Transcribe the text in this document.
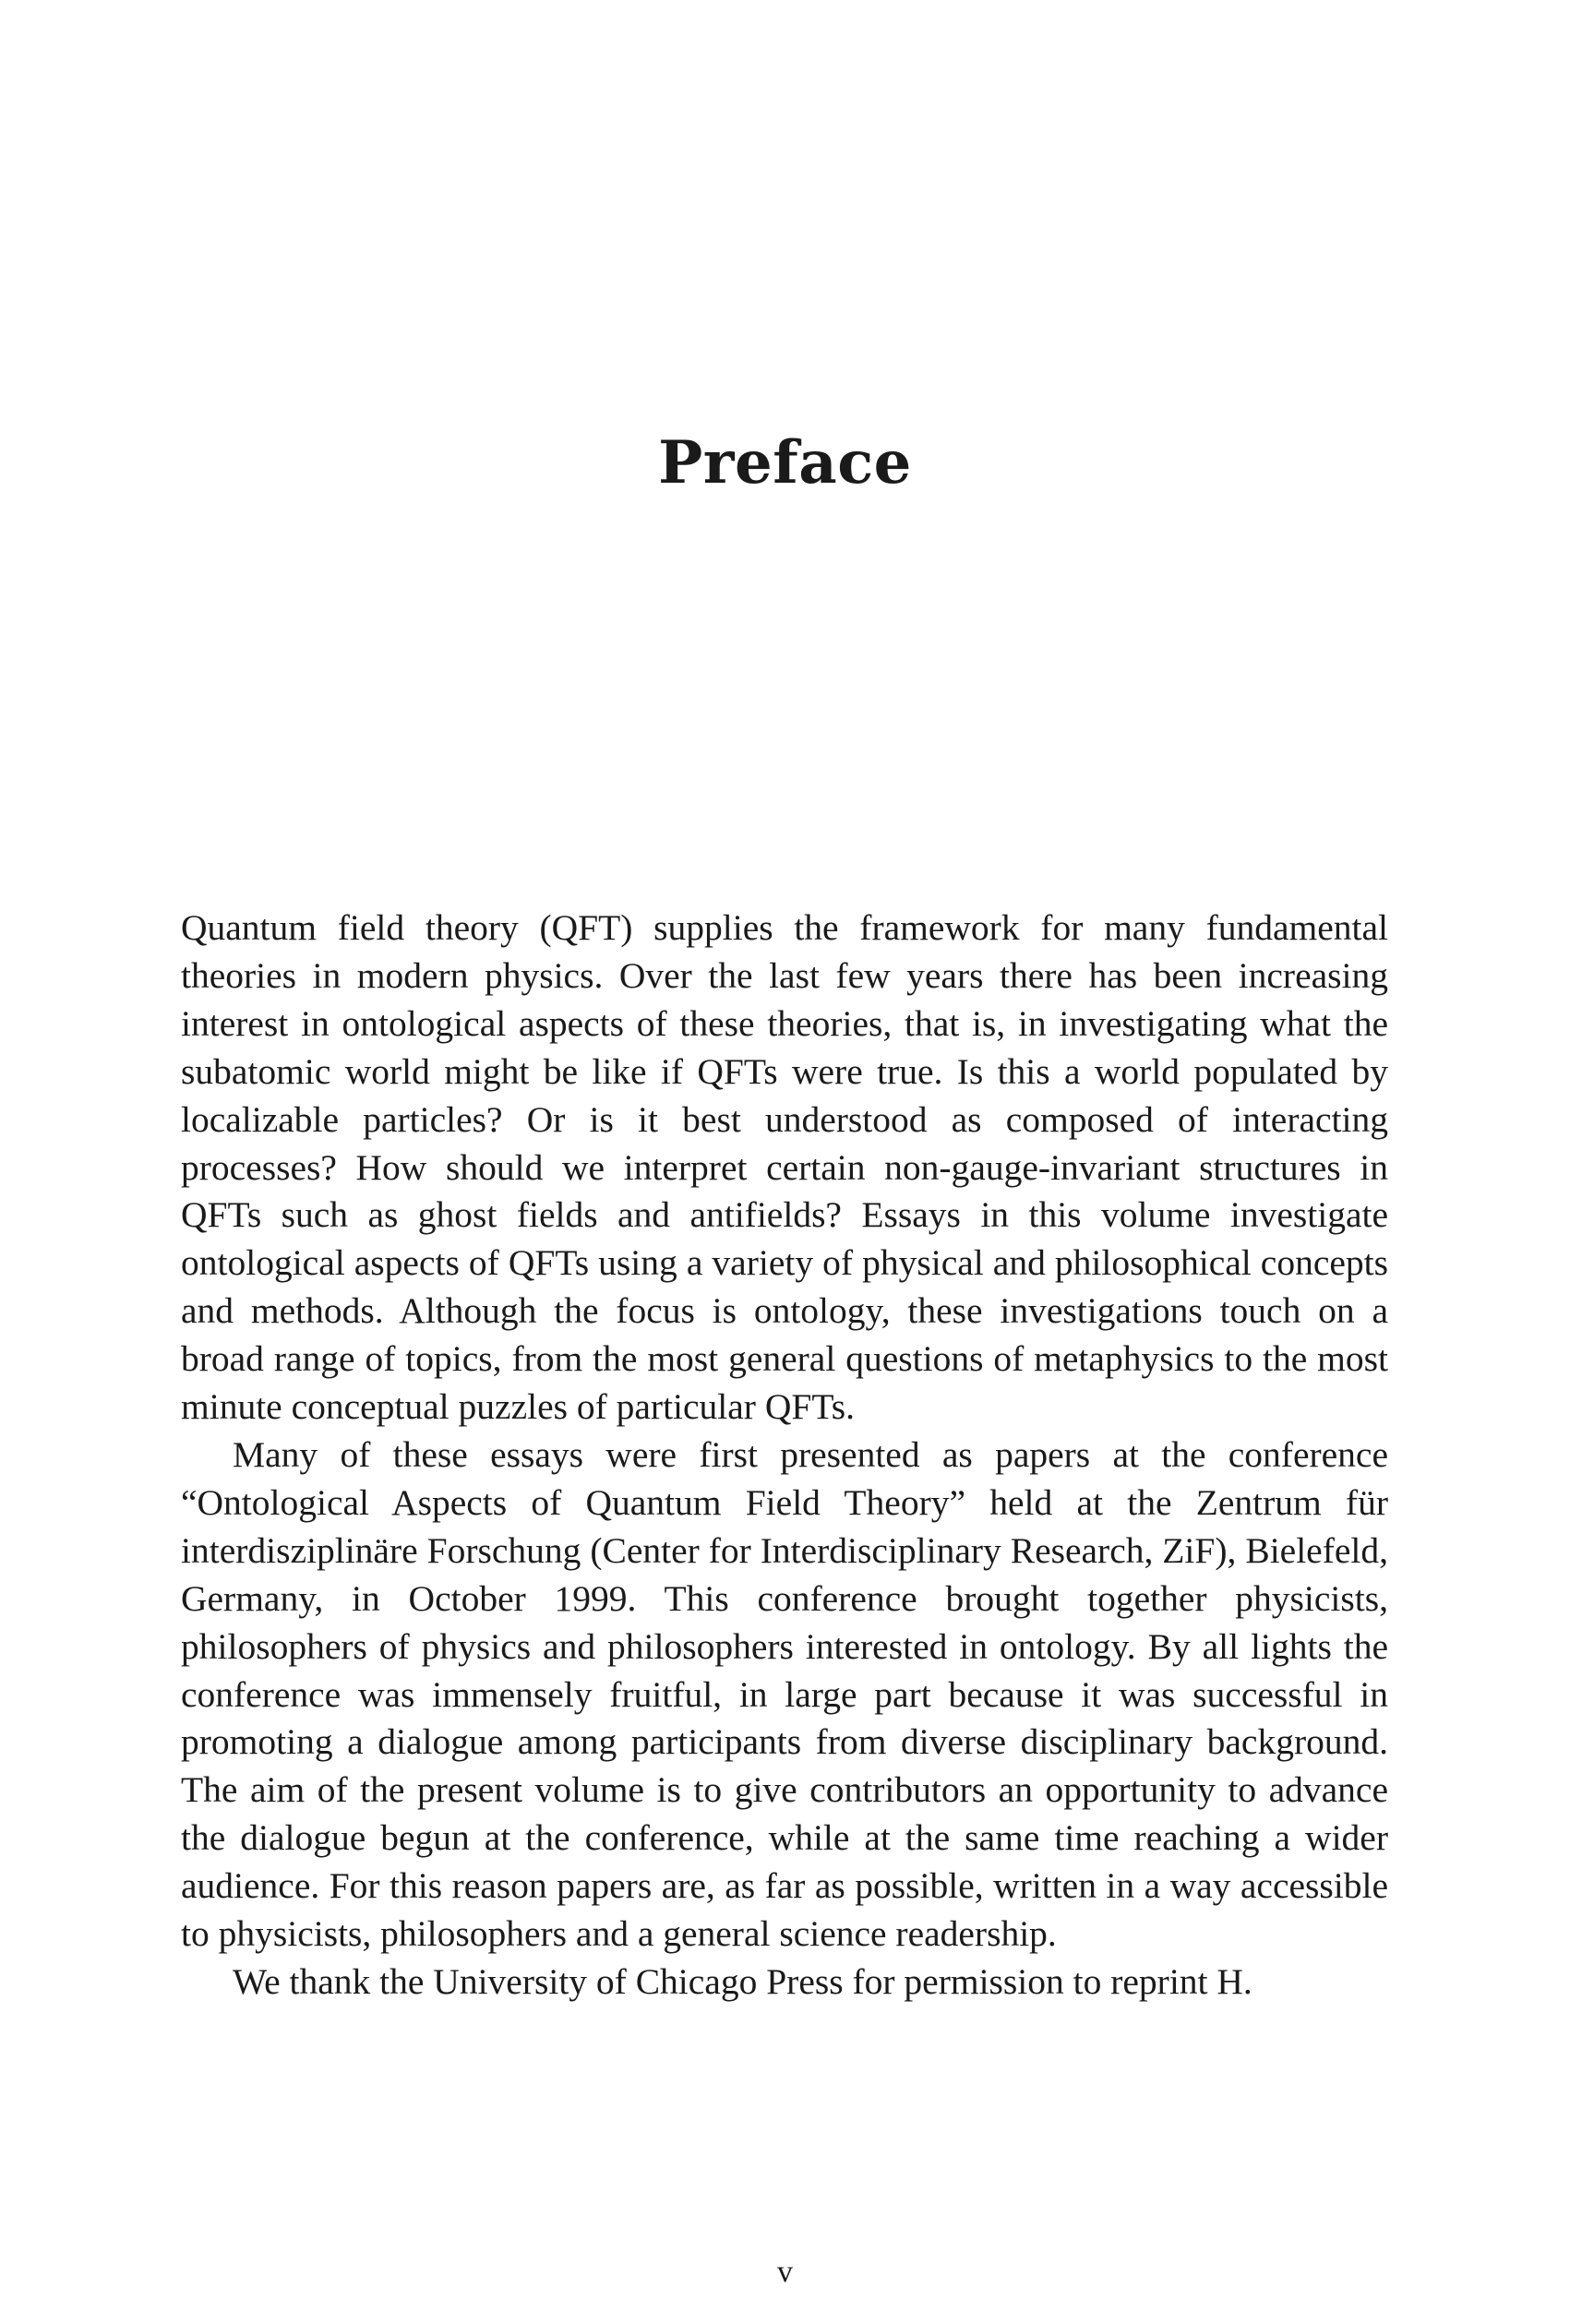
Preface

Quantum field theory (QFT) supplies the framework for many fundamental theories in modern physics. Over the last few years there has been increasing interest in ontological aspects of these theories, that is, in investigating what the subatomic world might be like if QFTs were true. Is this a world populated by localizable particles? Or is it best understood as composed of interacting processes? How should we interpret certain non-gauge-invariant structures in QFTs such as ghost fields and antifields? Essays in this volume investigate ontological aspects of QFTs using a variety of physical and philosophical concepts and methods. Although the focus is ontology, these investigations touch on a broad range of topics, from the most general questions of metaphysics to the most minute conceptual puzzles of particular QFTs.

Many of these essays were first presented as papers at the conference “Ontological Aspects of Quantum Field Theory” held at the Zentrum für interdisziplinäre Forschung (Center for Interdisciplinary Research, ZiF), Bielefeld, Germany, in October 1999. This conference brought together physicists, philosophers of physics and philosophers interested in ontology. By all lights the conference was immensely fruitful, in large part because it was successful in promoting a dialogue among participants from diverse disciplinary background. The aim of the present volume is to give contributors an opportunity to advance the dialogue begun at the conference, while at the same time reaching a wider audience. For this reason papers are, as far as possible, written in a way accessible to physicists, philosophers and a general science readership.

We thank the University of Chicago Press for permission to reprint H.

v
